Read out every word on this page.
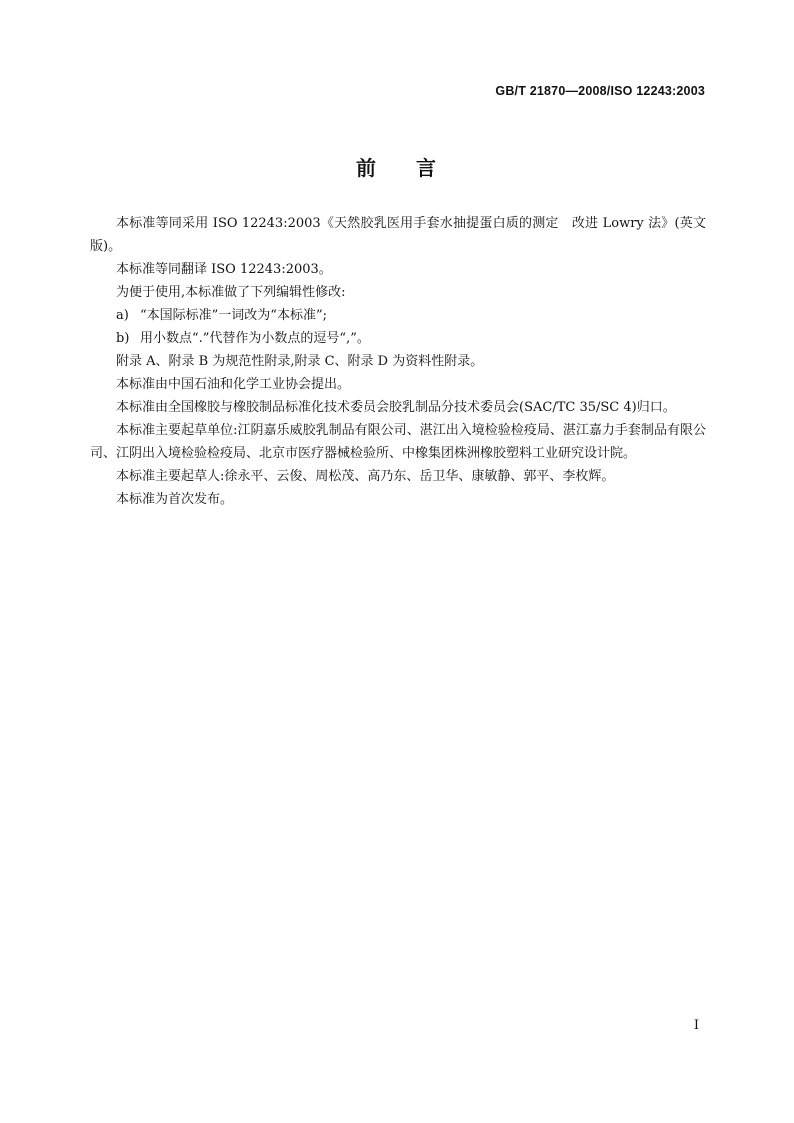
GB/T 21870—2008/ISO 12243:2003
前 言

本标准等同采用 ISO 12243:2003《天然胶乳医用手套水抽提蛋白质的测定　改进 Lowry 法》(英文版)。

本标准等同翻译 ISO 12243:2003。

为便于使用,本标准做了下列编辑性修改:

a) “本国际标准”一词改为“本标准”;

b) 用小数点“.”代替作为小数点的逗号“,”。

附录 A、附录 B 为规范性附录,附录 C、附录 D 为资料性附录。

本标准由中国石油和化学工业协会提出。

本标准由全国橡胶与橡胶制品标准化技术委员会胶乳制品分技术委员会(SAC/TC 35/SC 4)归口。

本标准主要起草单位:江阴嘉乐威胶乳制品有限公司、湛江出入境检验检疫局、湛江嘉力手套制品有限公司、江阴出入境检验检疫局、北京市医疗器械检验所、中橡集团株洲橡胶塑料工业研究设计院。

本标准主要起草人:徐永平、云俊、周松茂、高乃东、岳卫华、康敏静、郭平、李枚辉。

本标准为首次发布。

I
